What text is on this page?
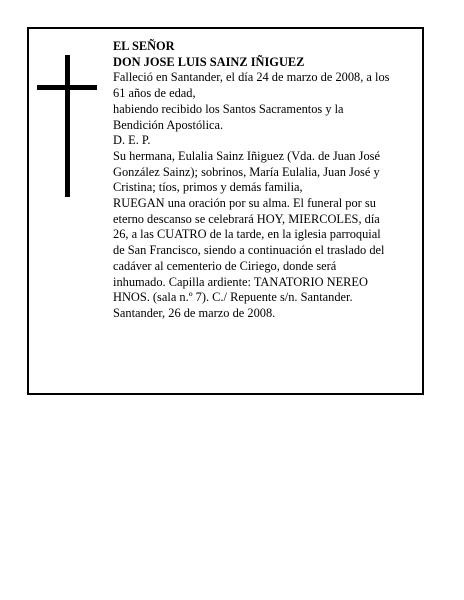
EL SEÑOR
DON JOSE LUIS SAINZ IÑIGUEZ
Falleció en Santander, el día 24 de marzo de 2008, a los
61 años de edad,
habiendo recibido los Santos Sacramentos y la
Bendición Apostólica.
D. E. P.
Su hermana, Eulalia Sainz Iñiguez (Vda. de Juan José
González Sainz); sobrinos, María Eulalia, Juan José y
Cristina; tíos, primos y demás familia,
RUEGAN una oración por su alma. El funeral por su
eterno descanso se celebrará HOY, MIERCOLES, día
26, a las CUATRO de la tarde, en la iglesia parroquial
de San Francisco, siendo a continuación el traslado del
cadáver al cementerio de Ciriego, donde será
inhumado. Capilla ardiente: TANATORIO NEREO
HNOS. (sala n.º 7). C./ Repuente s/n. Santander.
Santander, 26 de marzo de 2008.
